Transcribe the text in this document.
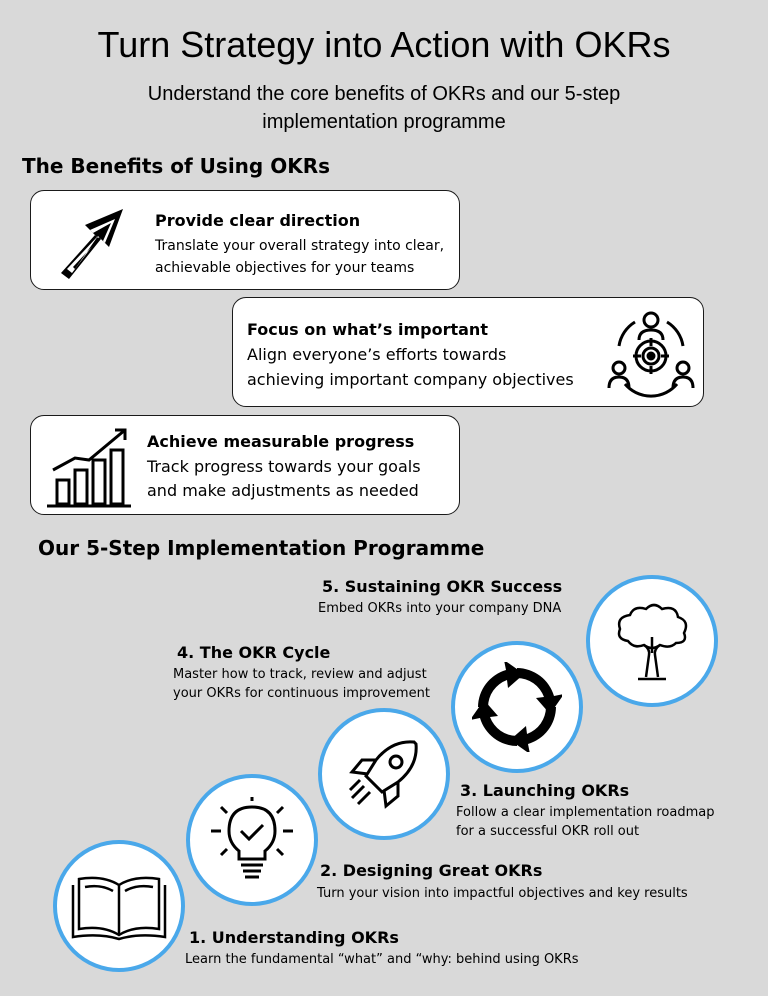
Turn Strategy into Action with OKRs
Understand the core benefits of OKRs and our 5-step implementation programme
The Benefits of Using OKRs
Provide clear direction
Translate your overall strategy into clear,
achievable objectives for your teams
Focus on what’s important
Align everyone’s efforts towards
achieving important company objectives
Achieve measurable progress
Track progress towards your goals
and make adjustments as needed
Our 5-Step Implementation Programme
5. Sustaining OKR Success
Embed OKRs into your company DNA
4. The OKR Cycle
Master how to track, review and adjust
your OKRs for continuous improvement
3. Launching OKRs
Follow a clear implementation roadmap
for a successful OKR roll out
2. Designing Great OKRs
Turn your vision into impactful objectives and key results
1. Understanding OKRs
Learn the fundamental “what” and “why: behind using OKRs
